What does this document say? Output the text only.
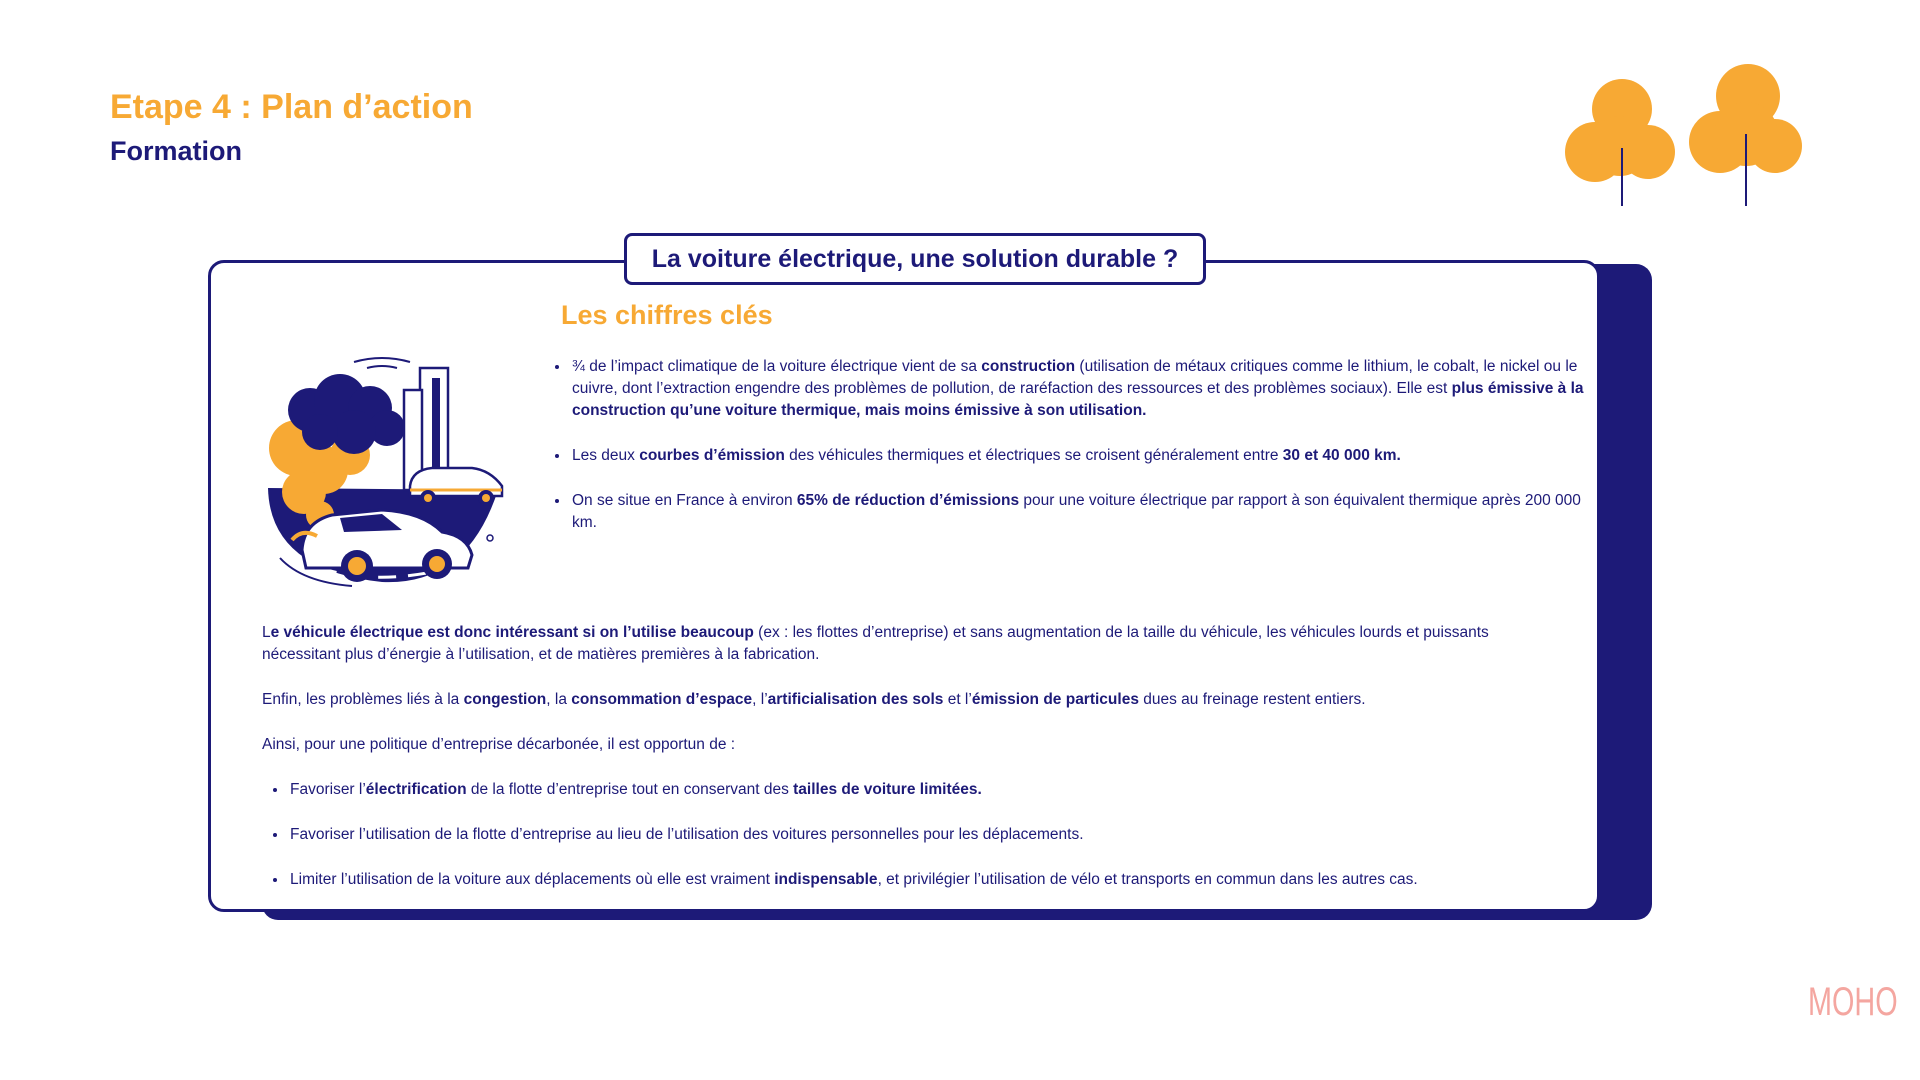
Etape 4 : Plan d’action
Formation
La voiture électrique, une solution durable ?
Les chiffres clés
• ¾ de l’impact climatique de la voiture électrique vient de sa construction (utilisation de métaux critiques comme le lithium, le cobalt, le nickel ou le cuivre, dont l’extraction engendre des problèmes de pollution, de raréfaction des ressources et des problèmes sociaux). Elle est plus émissive à la construction qu’une voiture thermique, mais moins émissive à son utilisation.
• Les deux courbes d’émission des véhicules thermiques et électriques se croisent généralement entre 30 et 40 000 km.
• On se situe en France à environ 65% de réduction d’émissions pour une voiture électrique par rapport à son équivalent thermique après 200 000 km.

Le véhicule électrique est donc intéressant si on l’utilise beaucoup (ex : les flottes d’entreprise) et sans augmentation de la taille du véhicule, les véhicules lourds et puissants nécessitant plus d’énergie à l’utilisation, et de matières premières à la fabrication.

Enfin, les problèmes liés à la congestion, la consommation d’espace, l’artificialisation des sols et l’émission de particules dues au freinage restent entiers.

Ainsi, pour une politique d’entreprise décarbonée, il est opportun de :

• Favoriser l’électrification de la flotte d’entreprise tout en conservant des tailles de voiture limitées.
• Favoriser l’utilisation de la flotte d’entreprise au lieu de l’utilisation des voitures personnelles pour les déplacements.
• Limiter l’utilisation de la voiture aux déplacements où elle est vraiment indispensable, et privilégier l’utilisation de vélo et transports en commun dans les autres cas.
MOHO
